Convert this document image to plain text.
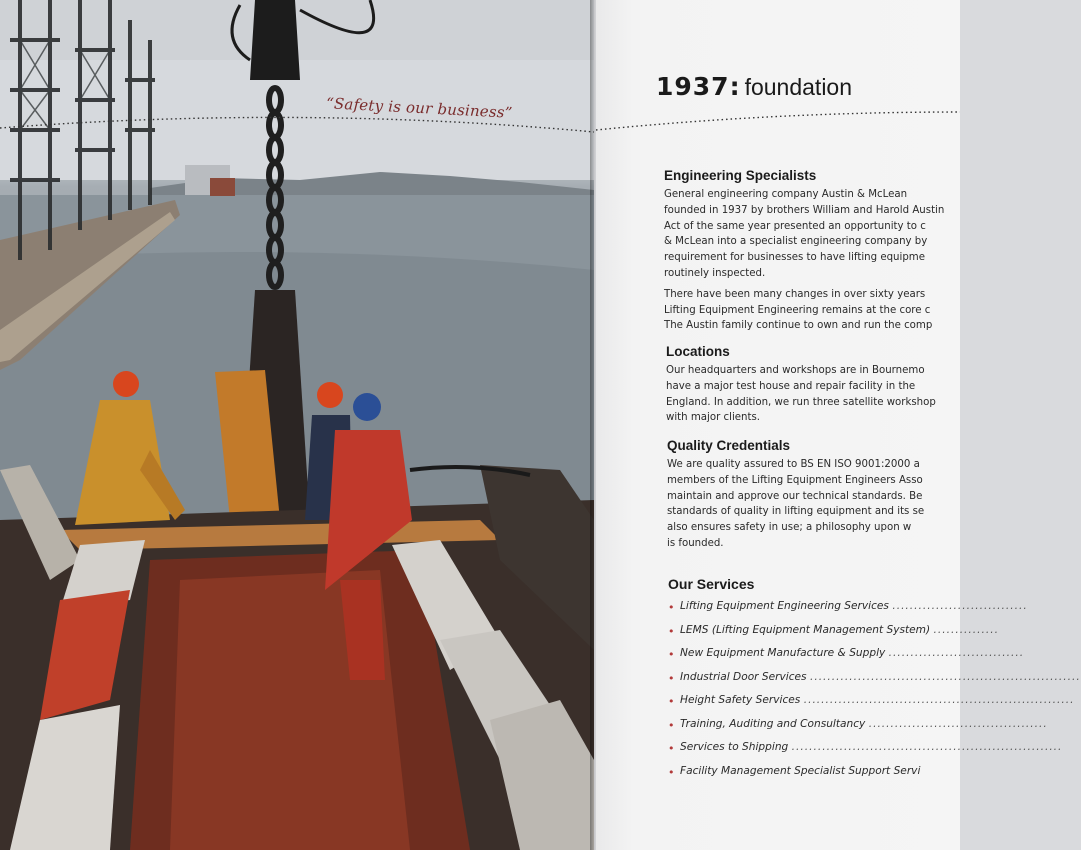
“Safety is our business”
1937: foundation
Engineering Specialists

General engineering company Austin & McLean
founded in 1937 by brothers William and Harold Austin
Act of the same year presented an opportunity to c
& McLean into a specialist engineering company by
requirement for businesses to have lifting equipme
routinely inspected.

There have been many changes in over sixty years
Lifting Equipment Engineering remains at the core c
The Austin family continue to own and run the comp

Locations

Our headquarters and workshops are in Bournemo
have a major test house and repair facility in the
England. In addition, we run three satellite workshop
with major clients.

Quality Credentials

We are quality assured to BS EN ISO 9001:2000 a
members of the Lifting Equipment Engineers Asso
maintain and approve our technical standards. Be
standards of quality in lifting equipment and its se
also ensures safety in use; a philosophy upon w
is founded.

Our Services
• Lifting Equipment Engineering Services ...............................
• LEMS (Lifting Equipment Management System) ...............
• New Equipment Manufacture & Supply ...............................
• Industrial Door Services ..............................................................
• Height Safety Services ..............................................................
• Training, Auditing and Consultancy .........................................
• Services to Shipping ..............................................................
• Facility Management Specialist Support Servi
